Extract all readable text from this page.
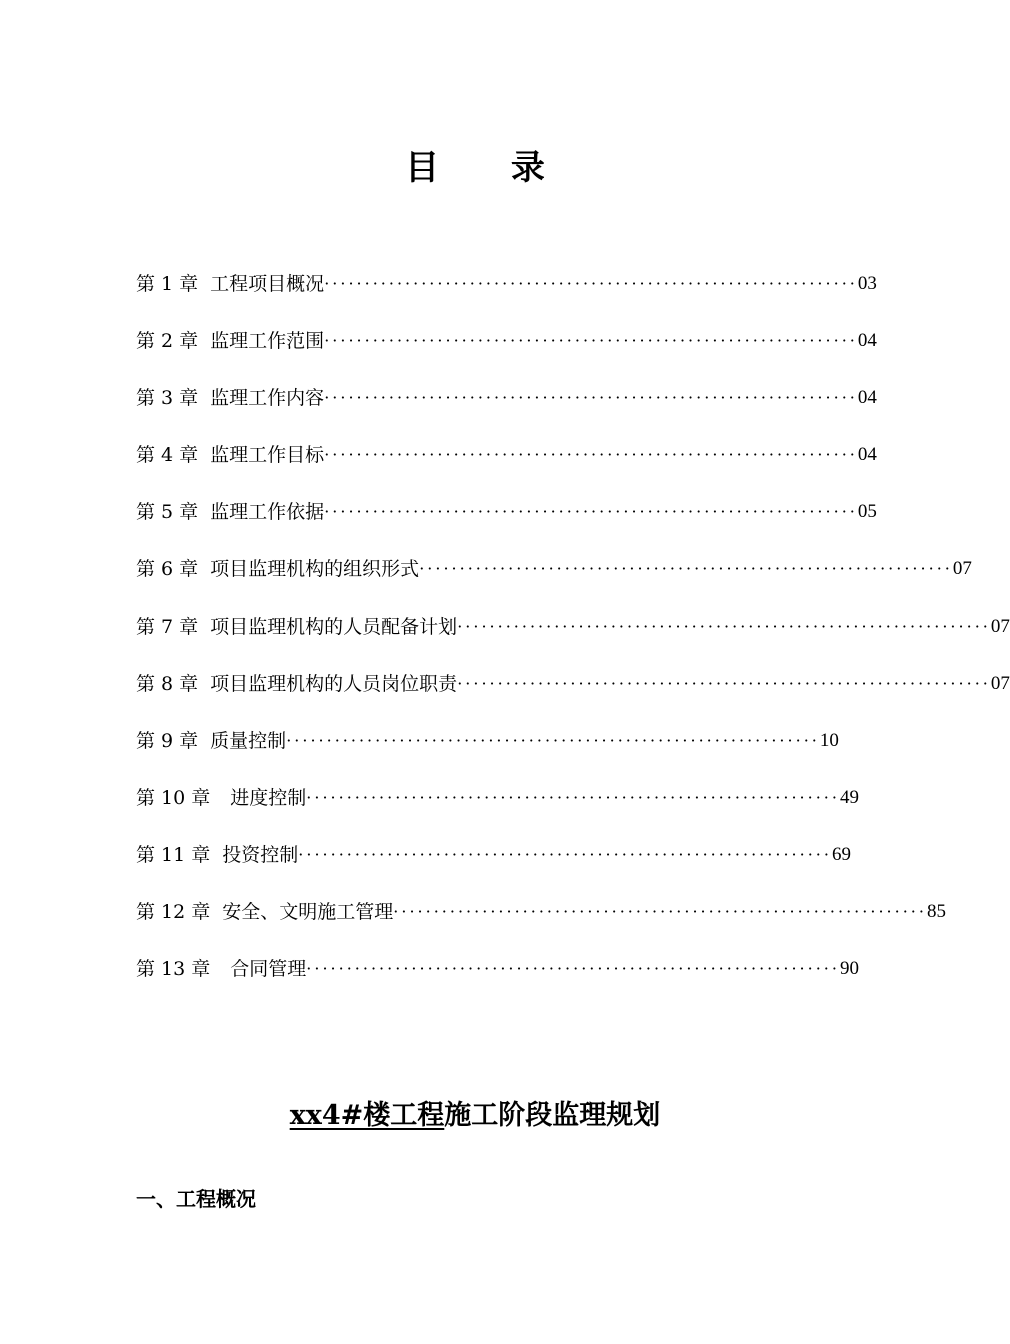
目 录
第 1 章 工程项目概况 ·································································· 03
第 2 章 监理工作范围 ·································································· 04
第 3 章 监理工作内容 ·································································· 04
第 4 章 监理工作目标 ·································································· 04
第 5 章 监理工作依据 ·································································· 05
第 6 章 项目监理机构的组织形式 ·································································· 07
第 7 章 项目监理机构的人员配备计划 ·································································· 07
第 8 章 项目监理机构的人员岗位职责 ·································································· 07
第 9 章 质量控制 ·································································· 10
第 10 章 进度控制 ·································································· 49
第 11 章 投资控制 ·································································· 69
第 12 章 安全、文明施工管理 ·································································· 85
第 13 章 合同管理 ·································································· 90
xx4#楼工程施工阶段监理规划
一、工程概况
